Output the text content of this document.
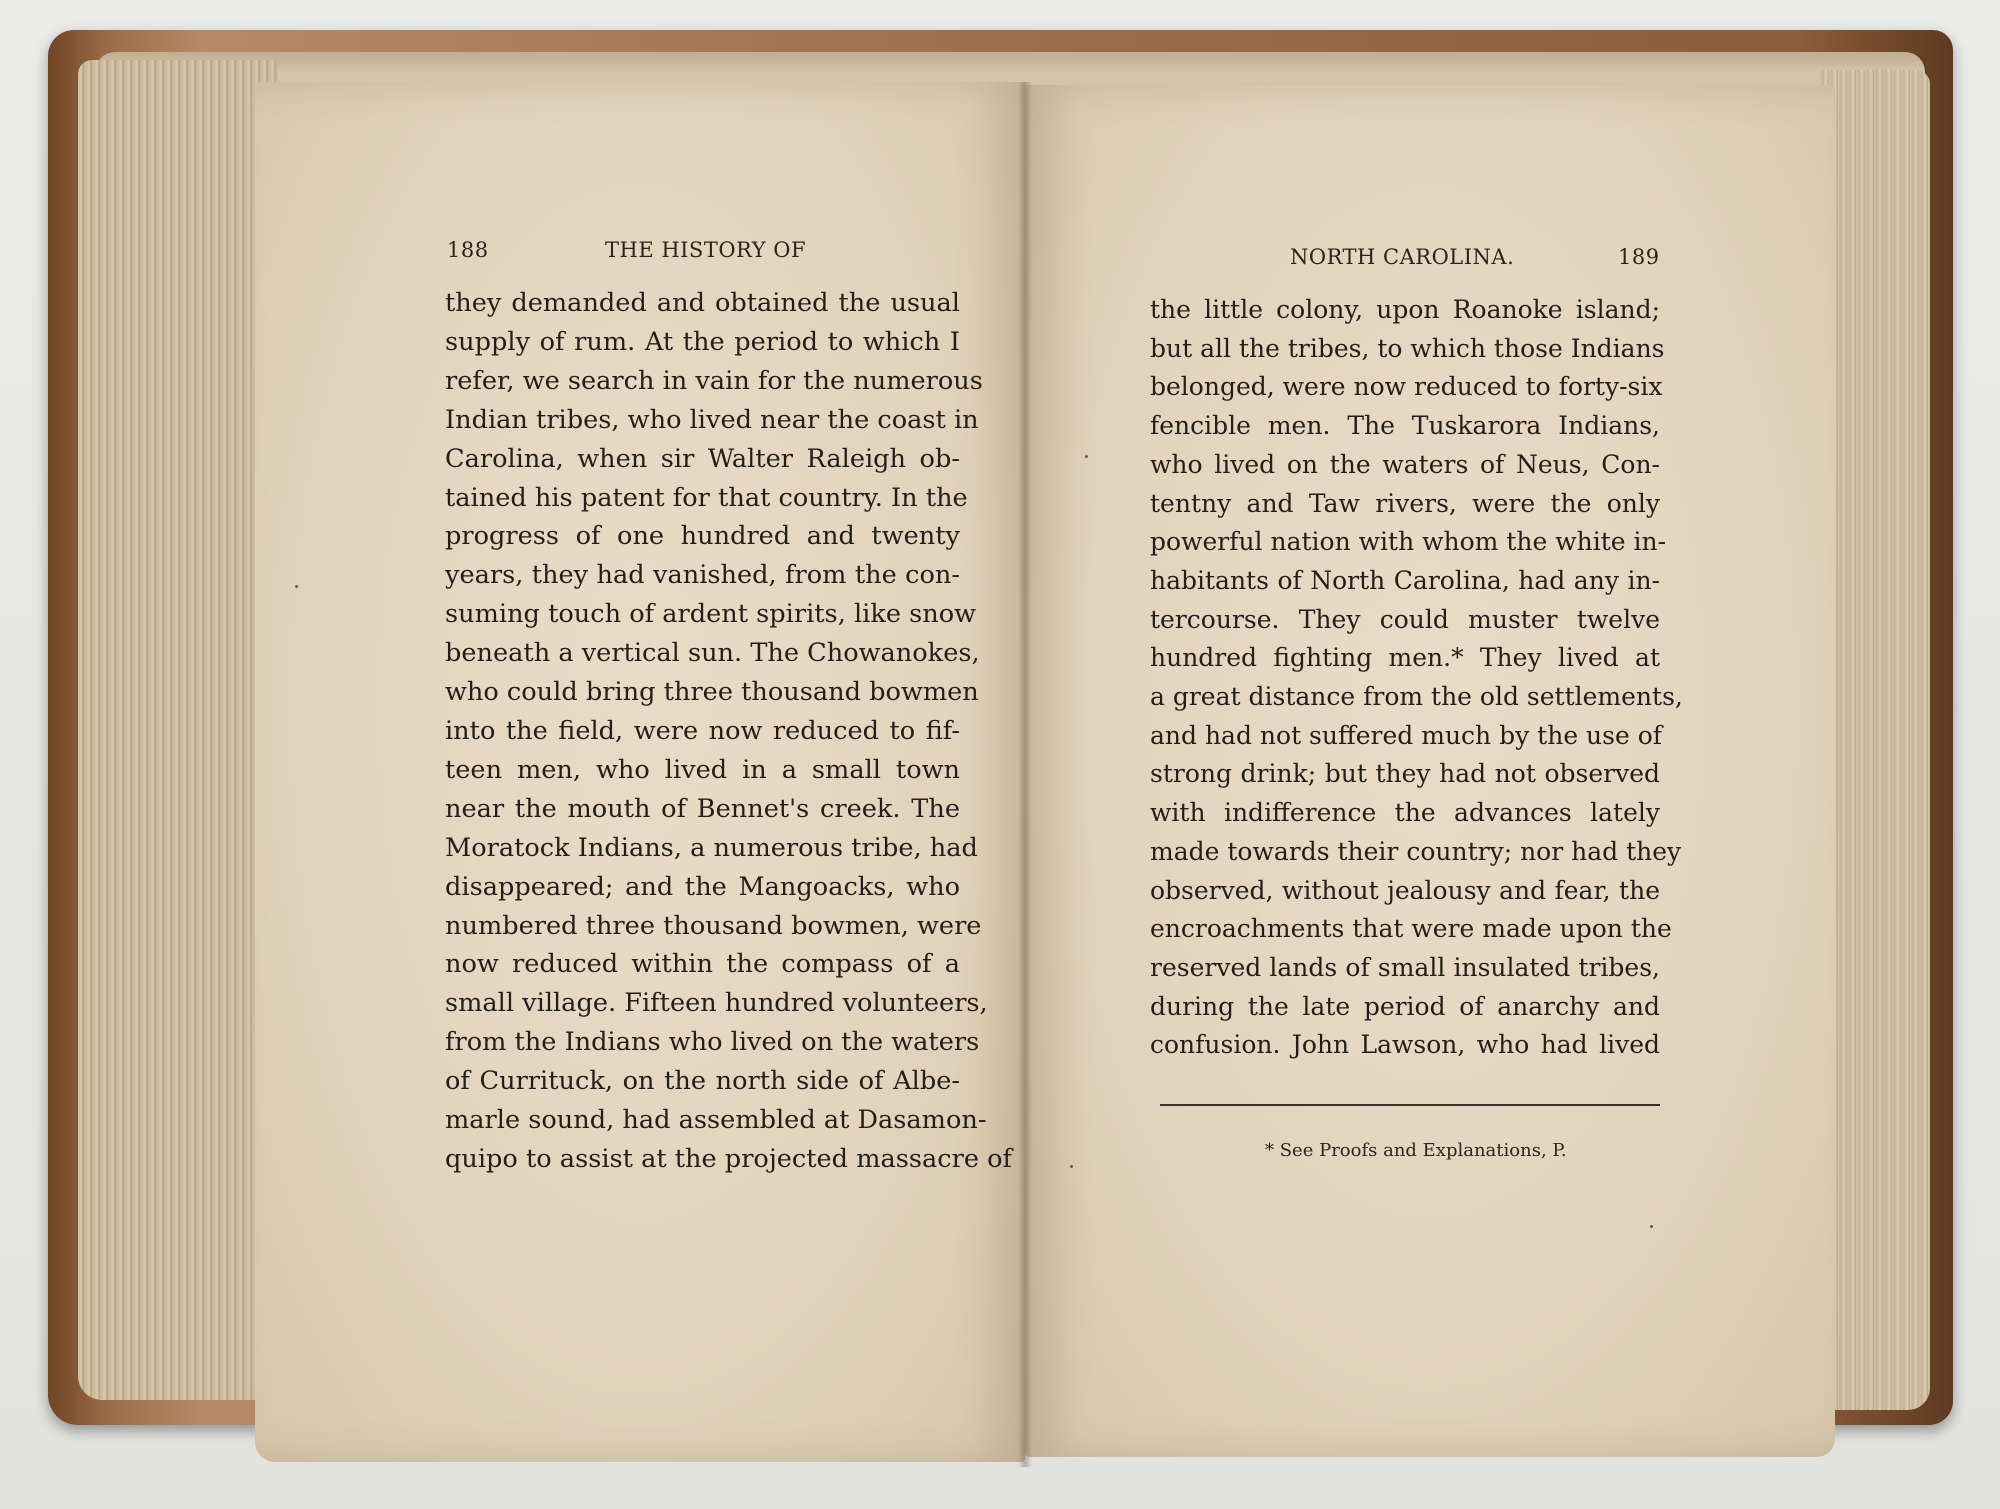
188	THE HISTORY OF	NORTH CAROLINA.	189
they demanded and obtained the usual
supply of rum. At the period to which I
refer, we search in vain for the numerous
Indian tribes, who lived near the coast in
Carolina, when sir Walter Raleigh ob-
tained his patent for that country. In the
progress of one hundred and twenty
years, they had vanished, from the con-
suming touch of ardent spirits, like snow
beneath a vertical sun. The Chowanokes,
who could bring three thousand bowmen
into the field, were now reduced to fif-
teen men, who lived in a small town
near the mouth of Bennet's creek. The
Moratock Indians, a numerous tribe, had
disappeared; and the Mangoacks, who
numbered three thousand bowmen, were
now reduced within the compass of a
small village. Fifteen hundred volunteers,
from the Indians who lived on the waters
of Currituck, on the north side of Albe-
marle sound, had assembled at Dasamon-
quipo to assist at the projected massacre of
the little colony, upon Roanoke island;
but all the tribes, to which those Indians
belonged, were now reduced to forty-six
fencible men. The Tuskarora Indians,
who lived on the waters of Neus, Con-
tentny and Taw rivers, were the only
powerful nation with whom the white in-
habitants of North Carolina, had any in-
tercourse. They could muster twelve
hundred fighting men.* They lived at
a great distance from the old settlements,
and had not suffered much by the use of
strong drink; but they had not observed
with indifference the advances lately
made towards their country; nor had they
observed, without jealousy and fear, the
encroachments that were made upon the
reserved lands of small insulated tribes,
during the late period of anarchy and
confusion. John Lawson, who had lived
* See Proofs and Explanations, P.
